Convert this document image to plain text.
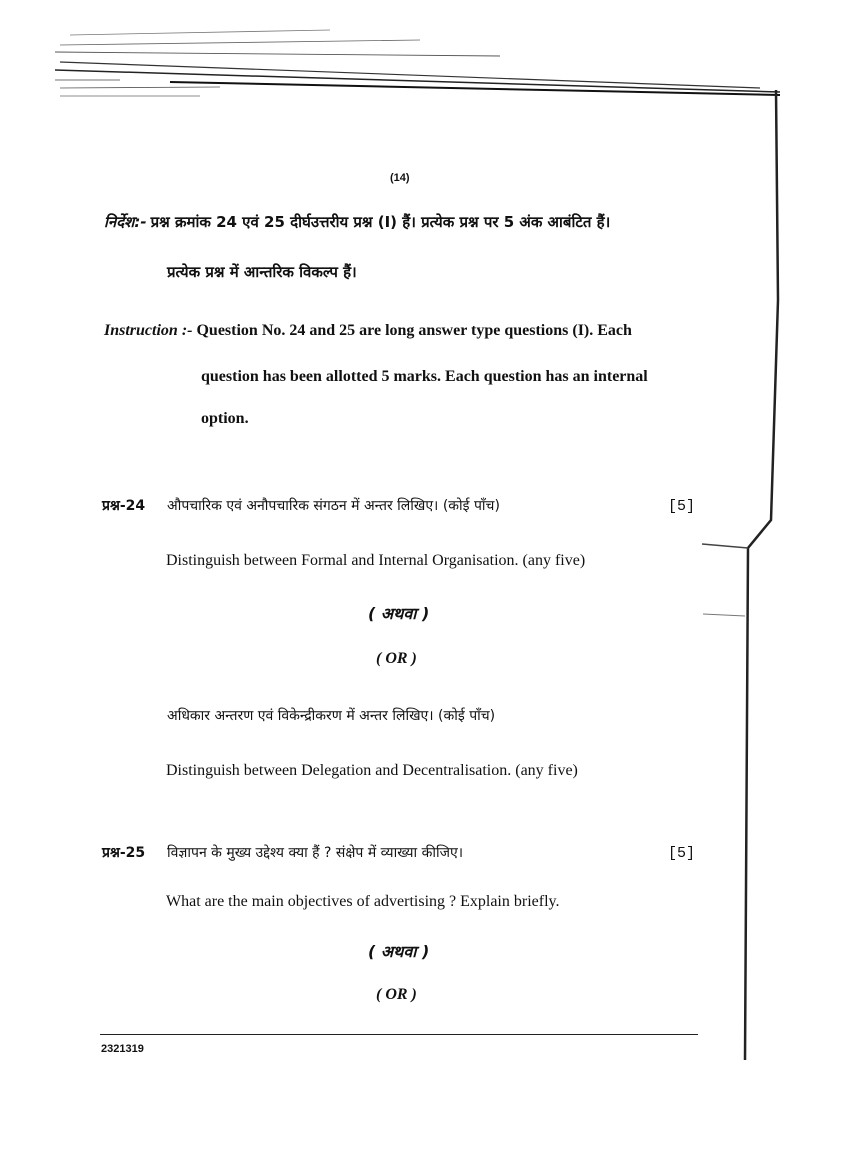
(14)
निर्देश:- प्रश्न क्रमांक 24 एवं 25 दीर्घउत्तरीय प्रश्न (I) हैं। प्रत्येक प्रश्न पर 5 अंक आबंटित हैं।
प्रत्येक प्रश्न में आन्तरिक विकल्प हैं।
Instruction :- Question No. 24 and 25 are long answer type questions (I). Each
question has been allotted 5 marks. Each question has an internal
option.
प्रश्न-24 औपचारिक एवं अनौपचारिक संगठन में अन्तर लिखिए। (कोई पाँच)	[5]
Distinguish between Formal and Internal Organisation. (any five)
( अथवा )
( OR )
अधिकार अन्तरण एवं विकेन्द्रीकरण में अन्तर लिखिए। (कोई पाँच)
Distinguish between Delegation and Decentralisation. (any five)
प्रश्न-25 विज्ञापन के मुख्य उद्देश्य क्या हैं ? संक्षेप में व्याख्या कीजिए।	[5]
What are the main objectives of advertising ? Explain briefly.
( अथवा )
( OR )
2321319
